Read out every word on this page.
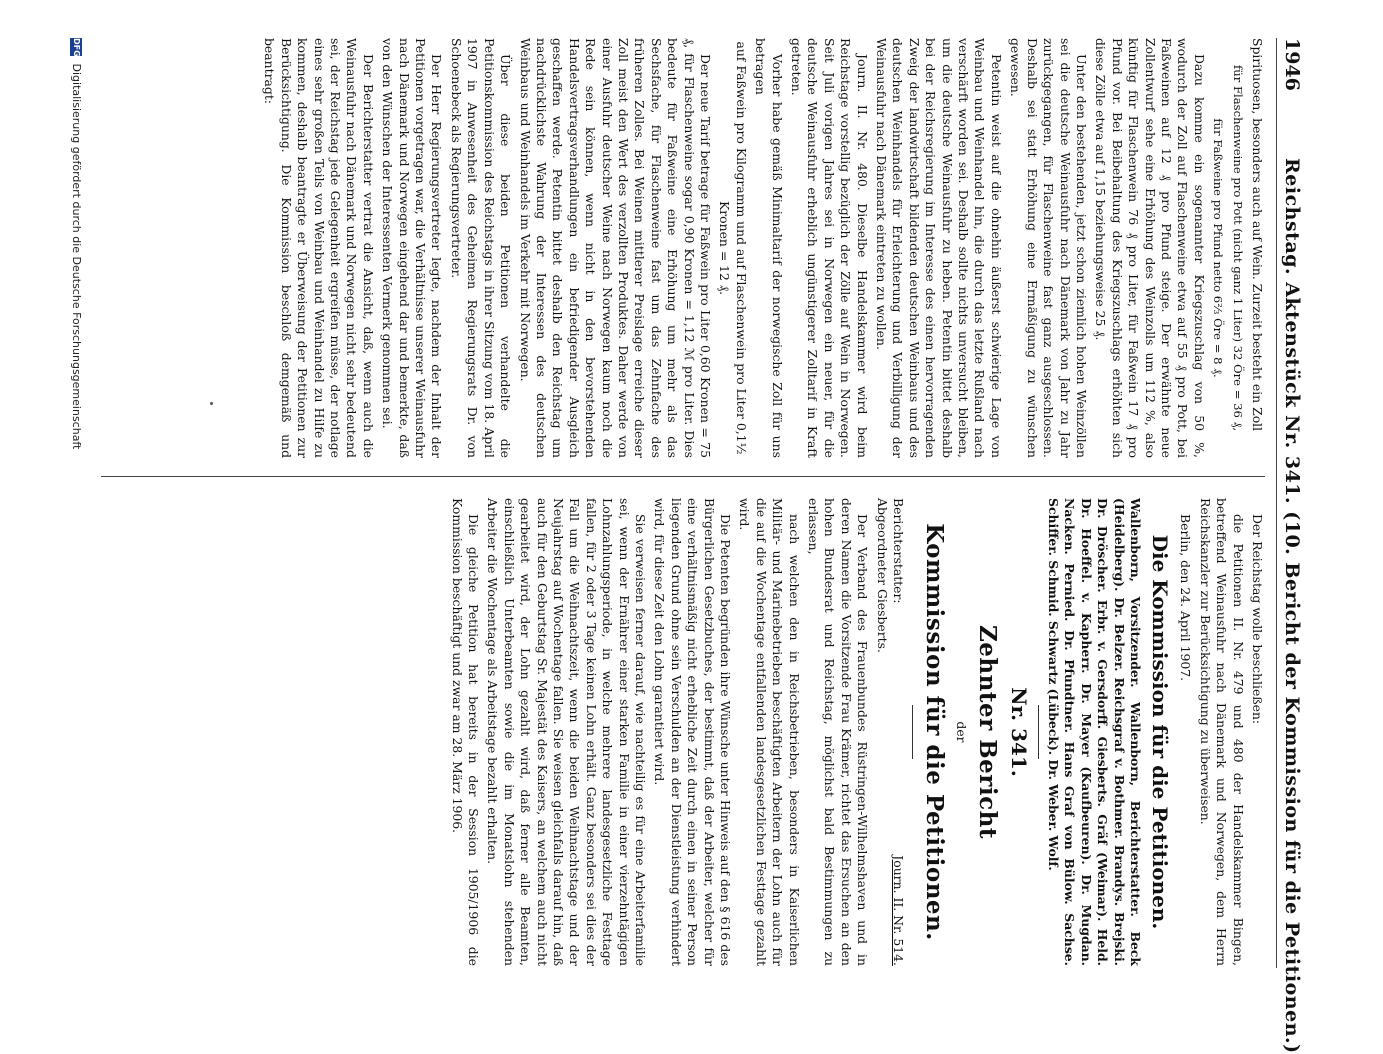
1946
Reichstag. Aktenstück Nr. 341. (10. Bericht der Kommission für die Petitionen.)

Spirituosen, besonders auch auf Wein. Zurzeit besteht ein Zoll

für Flaschenweine pro Pott (nicht ganz 1 Liter) 32 Öre = 36 ₰,

für Faßweine pro Pfund netto 6⅔ Öre = 8 ₰.

Dazu komme ein sogenannter Kriegszuschlag von 50 %, wodurch der Zoll auf Flaschenweine etwa auf 55 ₰ pro Pott, bei Faßweinen auf 12 ₰ pro Pfund steige. Der erwähnte neue Zollentwurf sehe eine Erhöhung des Weinzolls um 112 %, also künftig für Flaschenwein 76 ₰ pro Liter, für Faßwein 17 ₰ pro Pfund vor. Bei Beibehaltung des Kriegszuschlags erhöhten sich diese Zölle etwa auf 1,15 beziehungsweise 25 ₰.

Unter den bestehenden, jetzt schon ziemlich hohen Weinzöllen sei die deutsche Weinausfuhr nach Dänemark von Jahr zu Jahr zurückgegangen, für Flaschenweine fast ganz ausgeschlossen. Deshalb sei statt Erhöhung eine Ermäßigung zu wünschen gewesen.

Petentin weist auf die ohnehin äußerst schwierige Lage von Weinbau und Weinhandel hin, die durch das letzte Rußland nach verschärft worden sei. Deshalb sollte nichts unversucht bleiben, um die deutsche Weinausfuhr zu heben. Petentin bittet deshalb bei der Reichsregierung im Interesse des einen hervorragenden Zweig der landwirtschaft bildenden deutschen Weinbaus und des deutschen Weinhandels für Erleichterung und Verbilligung der Weinausfuhr nach Dänemark eintreten zu wollen.

Journ. II. Nr. 480. Dieselbe Handelskammer wird beim Reichstage vorstellig bezüglich der Zölle auf Wein in Norwegen. Seit Juli vorigen Jahres sei in Norwegen ein neuer, für die deutsche Weinausfuhr erheblich ungünstigerer Zolltarif in Kraft getreten.

Vorher habe gemäß Minimaltarif der norwegische Zoll für uns betragen

auf Faßwein pro Kilogramm und auf Flaschenwein pro Liter 0,1½ Kronen = 12 ₰.

Der neue Tarif betrage für Faßwein pro Liter 0,60 Kronen = 75 ₰, für Flaschenweine sogar 0,90 Kronen = 1,12 ℳ pro Liter. Dies bedeute für Faßweine eine Erhöhung um mehr als das Sechsfache, für Flaschenweine fast um das Zehnfache des früheren Zolles. Bei Weinen mittlerer Preislage erreiche dieser Zoll meist den Wert des verzollten Produktes. Daher werde von einer Ausfuhr deutscher Weine nach Norwegen kaum noch die Rede sein können, wenn nicht in den bevorstehenden Handelsvertragsverhandlungen ein befriedigender Ausgleich geschaffen werde. Petentin bittet deshalb den Reichstag um nachdrücklichste Wahrung der Interessen des deutschen Weinbaus und Weinhandels im Verkehr mit Norwegen.

Über diese beiden Petitionen verhandelte die Petitionskommission des Reichstags in ihrer Sitzung vom 18. April 1907 in Anwesenheit des Geheimen Regierungsrats Dr. von Schoenebeck als Regierungsvertreter.

Der Herr Regierungsvertreter legte, nachdem der Inhalt der Petitionen vorgetragen war, die Verhältnisse unserer Weinausfuhr nach Dänemark und Norwegen eingehend dar und bemerkte, daß von den Wünschen der Interessenten Vermerk genommen sei.

Der Berichterstatter vertrat die Ansicht, daß, wenn auch die Weinausfuhr nach Dänemark und Norwegen nicht sehr bedeutend sei, der Reichstag jede Gelegenheit ergreifen müsse, der notlage eines sehr großen Teils von Weinbau und Weinhandel zu Hilfe zu kommen, deshalb beantragte er Überweisung der Petitionen zur Berücksichtigung. Die Kommission beschloß demgemäß und beantragt:

Der Reichstag wolle beschließen:

die Petitionen II. Nr. 479 und 480 der Handelskammer Bingen, betreffend Weinausfuhr nach Dänemark und Norwegen, dem Herrn Reichskanzler zur Berücksichtigung zu überweisen.

Berlin, den 24. April 1907.

Die Kommission für die Petitionen.

Wallenborn, Vorsitzender. Wallenborn, Berichterstatter. Beck (Heidelberg). Dr. Belzer. Reichsgraf v. Bothmer. Brandys. Brejski. Dr. Dröscher. Erbr. v. Gersdorff. Giesberts. Gräf (Weimar). Held. Dr. Hoeffel. v. Kapherr. Dr. Mayer (Kaufbeuren). Dr. Mugdan. Nacken. Pernied. Dr. Pfundtner. Hans Graf von Bülow. Sachse. Schiffer. Schmid. Schwartz (Lübeck). Dr. Weber. Wolf.

Nr. 341.

Zehnter Bericht

der

Kommission für die Petitionen.

Berichterstatter:
Journ. II. Nr. 514.

Abgeordneter Giesberts.

Der Verband des Frauenbundes Rüstringen-Wilhelmshaven und in deren Namen die Vorsitzende Frau Krämer, richtet das Ersuchen an den hohen Bundesrat und Reichstag, möglichst bald Bestimmungen zu erlassen,

nach welchen den in Reichsbetrieben, besonders in Kaiserlichen Militär- und Marinebetrieben beschäftigten Arbeitern der Lohn auch für die auf die Wochentage entfallenden landesgesetzlichen Festtage gezahlt wird.

Die Petenten begründen ihre Wünsche unter Hinweis auf den § 616 des Bürgerlichen Gesetzbuches, der bestimmt, daß der Arbeiter, welcher für eine verhältnismäßig nicht erhebliche Zeit durch einen in seiner Person liegenden Grund ohne sein Verschulden an der Dienstleistung verhindert wird, für diese Zeit den Lohn garantiert wird.

Sie verweisen ferner darauf, wie nachteilig es für eine Arbeiterfamilie sei, wenn der Ernährer einer starken Familie in einer vierzehntägigen Lohnzahlungsperiode, in welche mehrere landesgesetzliche Festtage fallen, für 2 oder 3 Tage keinen Lohn erhält. Ganz besonders sei dies der Fall um die Weihnachtszeit, wenn die beiden Weihnachtstage und der Neujahrstag auf Wochentage fallen. Sie weisen gleichfalls darauf hin, daß auch für den Geburtstag Sr. Majestät des Kaisers, an welchem auch nicht gearbeitet wird, der Lohn gezahlt wird, daß ferner alle Beamten, einschließlich Unterbeamten sowie die im Monatslohn stehenden Arbeiter die Wochentage als Arbeitstage bezahlt erhalten.

Die gleiche Petition hat bereits in der Session 1905/1906 die Kommission beschäftigt und zwar am 28. März 1906.

DFG Digitalisierung gefördert durch die Deutsche Forschungsgemeinschaft
